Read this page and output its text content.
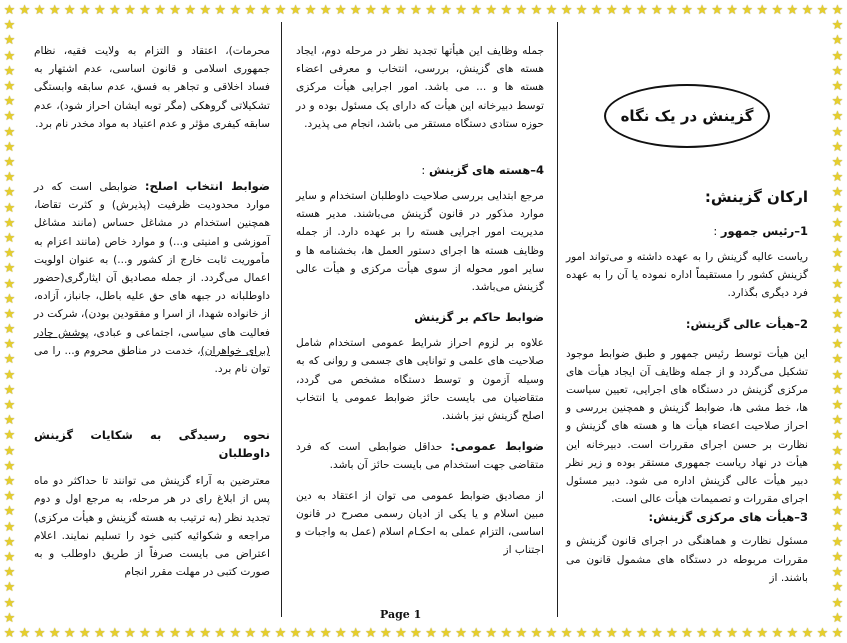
★
★
★
★
★
★
★
★
★
★
★
★
★
★
★
★
★
★
★
★
★
★
★
★
★
★
★
★
★
★
★
★
★
★
★
★
★
★
★
★
★
★
★
★
★
★
★
★
★
★
★
★
★
★
★
★
★
★
★
★
★
★
★
★
★
★
★
★
★
★
★
★
★
★
★
★
★
★
★
★
★
★
★
★
★
★
★
★
★
★
★
★
★
★
★
★
★
★
★
★
★
★
★
★
★
★
★
★
★
★
★
★
★	★
★	★
★	★
★	★
★	★
★	★
★	★
★	★
★	★
★	★
★	★
★	★
★	★
★	★
★	★
★	★
★	★
★	★
★	★
★	★
★	★
★	★
★	★
★	★
★	★
★	★
★	★
★	★
★	★
★	★
★	★
★	★
★	★
★	★
★	★
★	★
★	★
★	★
★	★
★	★
گزینش در یک نگاه

ارکان گزینش:

1–رئیس جمهور :

ریاست عالیه گزینش را به عهده داشته و می‌تواند امور گزینش کشور را مستقیماً اداره نموده یا آن را به عهده فرد دیگری بگذارد.

2–هیأت عالی گزینش:

این هیأت توسط رئیس جمهور و طبق ضوابط موجود تشکیل می‌گردد و از جمله وظایف آن ایجاد هیأت های مرکزی گزینش در دستگاه های اجرایی، تعیین سیاست ها، خط مشی ها، ضوابط گزینش و همچنین بررسی و احراز صلاحیت اعضاء هیأت ها و هسته های گزینش و نظارت بر حسن اجرای مقررات است. دبیرخانه این هیأت در نهاد ریاست جمهوری مستقر بوده و زیر نظر دبیر هیأت عالی گزینش اداره می شود. دبیر مسئول اجرای مقررات و تصمیمات هیأت عالی است.

3–هیأت های مرکزی گزینش:

مسئول نظارت و هماهنگی در اجرای قانون گزینش و مقررات مربوطه در دستگاه های مشمول قانون می باشند. از

جمله وظایف این هیأتها تجدید نظر در مرحله دوم، ایجاد هسته های گزینش، بررسی، انتخاب و معرفی اعضاء هسته ها و ... می باشد. امور اجرایی هیأت مرکزی توسط دبیرخانه این هیأت که دارای یک مسئول بوده و در حوزه ستادی دستگاه مستقر می باشد، انجام می پذیرد.

4–هسته های گزینش :

مرجع ابتدایی بررسی صلاحیت داوطلبان استخدام و سایر موارد مذکور در قانون گزینش می‌باشند. مدیر هسته مدیریت امور اجرایی هسته را بر عهده دارد. از جمله وظایف هسته ها اجرای دستور العمل ها، بخشنامه ها و سایر امور محوله از سوی هیأت مرکزی و هیأت عالی گزینش می‌باشد.

ضوابط حاکم بر گزینش

علاوه بر لزوم احراز شرایط عمومی استخدام شامل صلاحیت های علمی و توانایی های جسمی و روانی که به وسیله آزمون و توسط دستگاه مشخص می گردد، متقاضیان می بایست حائز ضوابط عمومی یا انتخاب اصلح گزینش نیز باشند.

ضوابط عمومی: حداقل ضوابطی است که فرد متقاضی جهت استخدام می بایست حائز آن باشد.

از مصادیق ضوابط عمومی می توان از اعتقاد به دین مبین اسلام و یا یکی از ادیان رسمی مصرح در قانون اساسی، التزام عملی به احکـام اسلام (عمل به واجبات و اجتناب از

محرمات)، اعتقاد و التزام به ولایت فقیه، نظام جمهوری اسلامی و قانون اساسی، عدم اشتهار به فساد اخلاقی و تجاهر به فسق، عدم سابقه وابستگی تشکیلاتی گروهکی (مگر توبه ایشان احراز شود)، عدم سابقه کیفری مؤثر و عدم اعتیاد به مواد مخدر نام برد.

ضوابط انتخاب اصلح: ضوابطی است که در موارد محدودیت ظرفیت (پذیرش) و کثرت تقاضا، همچنین استخدام در مشاغل حساس (مانند مشاغل آموزشی و امنیتی و...) و موارد خاص (مانند اعزام به مأموریت ثابت خارج از کشور و...) به عنوان اولویت اعمال می‌گردد. از جمله مصادیق آن ایثارگری(حضور داوطلبانه در جبهه های حق علیه باطل، جانباز، آزاده، از خانواده شهدا، از اسرا و مفقودین بودن)، شرکت در فعالیت های سیاسی، اجتماعی و عبادی، پوشش چادر (برای خواهران)، خدمت در مناطق محروم و... را می توان نام برد.

نحوه رسیدگی به شکایات گزینش داوطلبان

معترضین به آراء گزینش می توانند تا حداکثر دو ماه پس از ابلاغ رای در هر مرحله، به مرجع اول و دوم تجدید نظر (به ترتیب به هسته گزینش و هیأت مرکزی) مراجعه و شکوائیه کتبی خود را تسلیم نمایند. اعلام اعتراض می بایست صرفاً از طریق داوطلب و به صورت کتبی در مهلت مقرر انجام

Page 1
